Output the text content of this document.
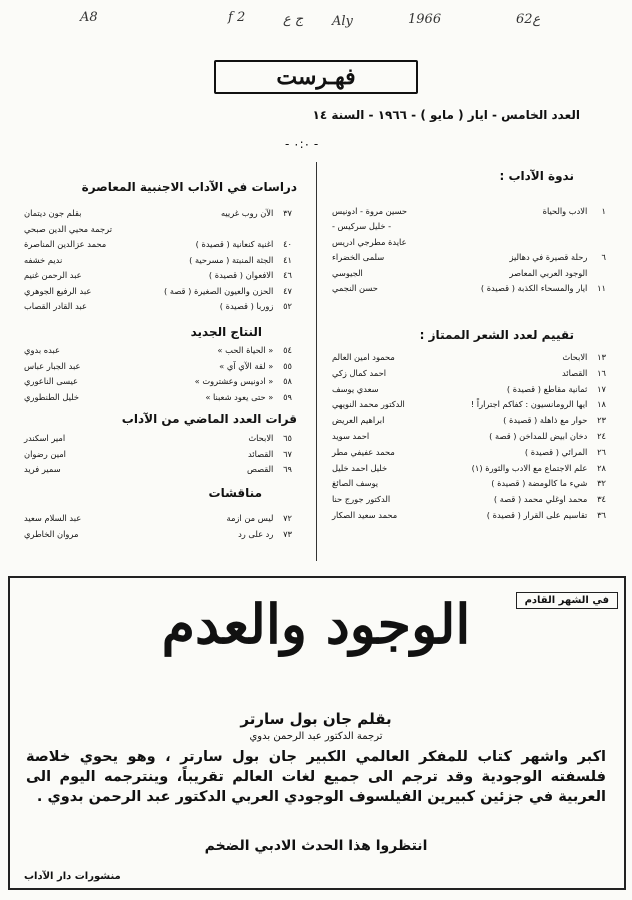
A8	f 2	ج ع Aly	1966	62ع
فهـرست
العدد الخامس - ايار ( مايو ) - ١٩٦٦ - السنة ١٤
- ٠:٠ -
ندوة الآداب :
١ الادب والحياة
حسين مروة - ادونيس
- خليل سركيس -
عايدة مطرجي ادريس
٦ رحلة قصيرة في دهاليز
سلمى الخضراء
الوجود العربي المعاصر
الجيوسي
١١ ايار والمسحاء الكذبة ( قصيدة )
حسن النجمي
تقييم لعدد الشعر الممتاز :
١٣ الابحاث
محمود امين العالم
١٦ القصائد
احمد كمال زكي
١٧ ثمانية مقاطع ( قصيدة )
سعدي يوسف
١٨ ايها الرومانسيون : كفاكم اجتراراً !
الدكتور محمد النويهي
٢٣ حوار مع ذاهلة ( قصيدة )
ابراهيم العريض
٢٤ دخان ابيض للمداخن ( قصة )
احمد سويد
٢٦ المرائي ( قصيدة )
محمد عفيفي مطر
٢٨ علم الاجتماع مع الادب والثورة (١)
خليل احمد خليل
٣٢ شيء ما كالومضة ( قصيدة )
يوسف الصائغ
٣٤ محمد اوغلي محمد ( قصة )
الدكتور جورج حنا
٣٦ تقاسيم على القرار ( قصيدة )
محمد سعيد الصكار
دراسات في الآداب الاجنبية المعاصرة
٣٧ الآن روب غرييه
بقلم جون ديتمان
ترجمة محيي الدين صبحي
٤٠ اغنية كنعانية ( قصيدة )
محمد عزالدين المناصرة
٤١ الجثة المنبتة ( مسرحية )
نديم خشفه
٤٦ الافعوان ( قصيدة )
عبد الرحمن غنيم
٤٧ الحزن والعيون الصغيرة ( قصة )
عبد الرفيع الجوهري
٥٢ زوربا ( قصيدة )
عبد القادر القصاب
النتاج الجديد
٥٤ « الحياة الحب »
عبده بدوي
٥٥ « لقة الآي آي »
عبد الجبار عباس
٥٨ « ادونيس وعشتروت »
عيسى الناعوري
٥٩ « حتى يعود شعبنا »
خليل الطنطوري
قرات العدد الماضي من الآداب
٦٥ الابحاث
امير اسكندر
٦٧ القصائد
امين رضوان
٦٩ القصص
سمير فريد
مناقشات
٧٢ ليس من ازمة
عبد السلام سعيد
٧٣ رد على رد
مروان الخاطري
في الشهر القادم
الوجود والعدم
بقلم جان بول سارتر
ترجمة الدكتور عبد الرحمن بدوي
اكبر واشهر كتاب للمفكر العالمي الكبير جان بول سارتر ، وهو يحوي خلاصة فلسفته الوجودية وقد ترجم الى جميع لغات العالم تقريباً، وينترجمه اليوم الى العربية في جزئين كبيرين الفيلسوف الوجودي العربي الدكتور عبد الرحمن بدوي .
انتظروا هذا الحدث الادبي الضخم
منشورات دار الآداب
